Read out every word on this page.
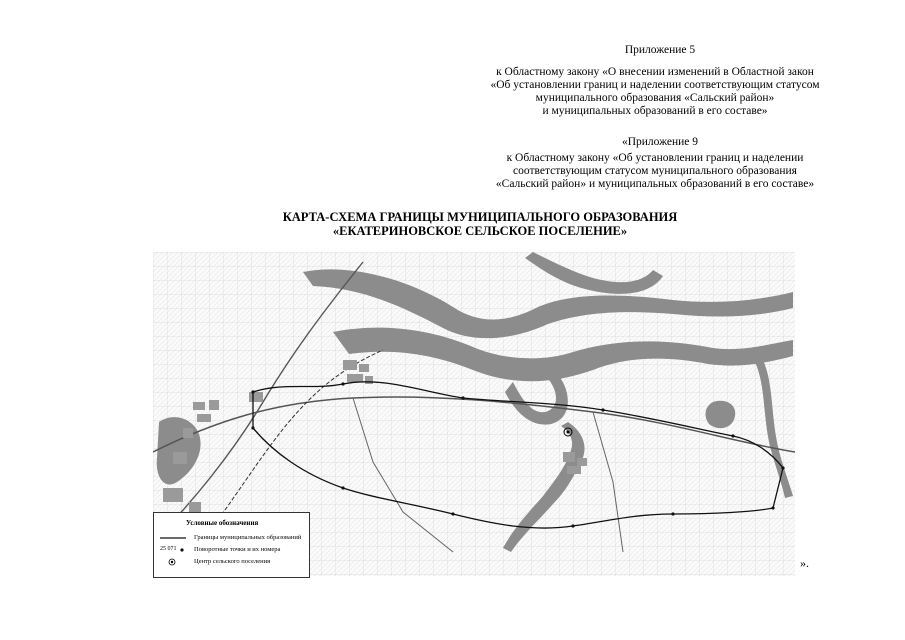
Приложение 5
к Областному закону «О внесении изменений в Областной закон
«Об установлении границ и наделении соответствующим статусом
муниципального образования «Сальский район»
и муниципальных образований в его составе»
«Приложение 9
к Областному закону «Об установлении границ и наделении
соответствующим статусом муниципального образования
«Сальский район» и муниципальных образований в его составе»
КАРТА-СХЕМА ГРАНИЦЫ МУНИЦИПАЛЬНОГО ОБРАЗОВАНИЯ
«ЕКАТЕРИНОВСКОЕ СЕЛЬСКОЕ ПОСЕЛЕНИЕ»
Условные обозначения
Границы муниципальных образований
25 071	Поворотные точки и их номера
Центр сельского поселения	».
